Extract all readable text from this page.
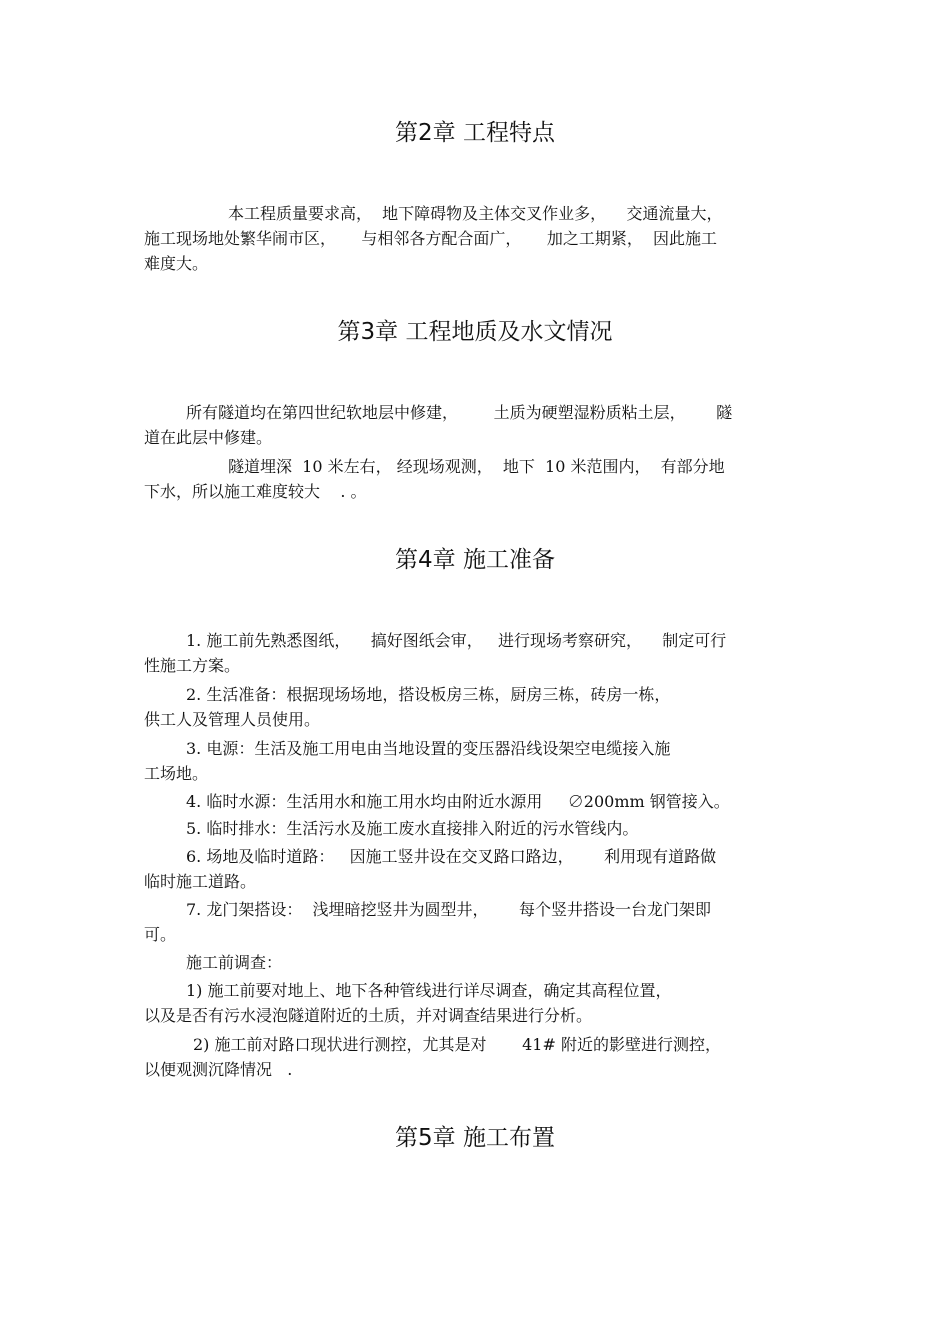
第2章 工程特点

本工程质量要求高，  地下障碍物及主体交叉作业多，    交通流量大，

施工现场地处繁华闹市区，     与相邻各方配合面广，     加之工期紧，  因此施工

难度大。

第3章 工程地质及水文情况

所有隧道均在第四世纪软地层中修建，       土质为硬塑湿粉质粘土层，      隧

道在此层中修建。

隧道埋深  10 米左右， 经现场观测，  地下  10 米范围内，  有部分地

下水，所以施工难度较大    . 。

第4章 施工准备

1. 施工前先熟悉图纸，    搞好图纸会审，   进行现场考察研究，    制定可行

性施工方案。

2. 生活准备：根据现场场地，搭设板房三栋，厨房三栋，砖房一栋，

供工人及管理人员使用。

3. 电源：生活及施工用电由当地设置的变压器沿线设架空电缆接入施

工场地。

4. 临时水源：生活用水和施工用水均由附近水源用     ∅200mm 钢管接入。

5. 临时排水：生活污水及施工废水直接排入附近的污水管线内。

6. 场地及临时道路：   因施工竖井设在交叉路口路边，      利用现有道路做

临时施工道路。

7. 龙门架搭设：  浅埋暗挖竖井为圆型井，      每个竖井搭设一台龙门架即

可。

施工前调查：

1) 施工前要对地上、地下各种管线进行详尽调查，确定其高程位置，

以及是否有污水浸泡隧道附近的土质，并对调查结果进行分析。

2) 施工前对路口现状进行测控，尤其是对       41# 附近的影壁进行测控，

以便观测沉降情况   .

第5章 施工布置
